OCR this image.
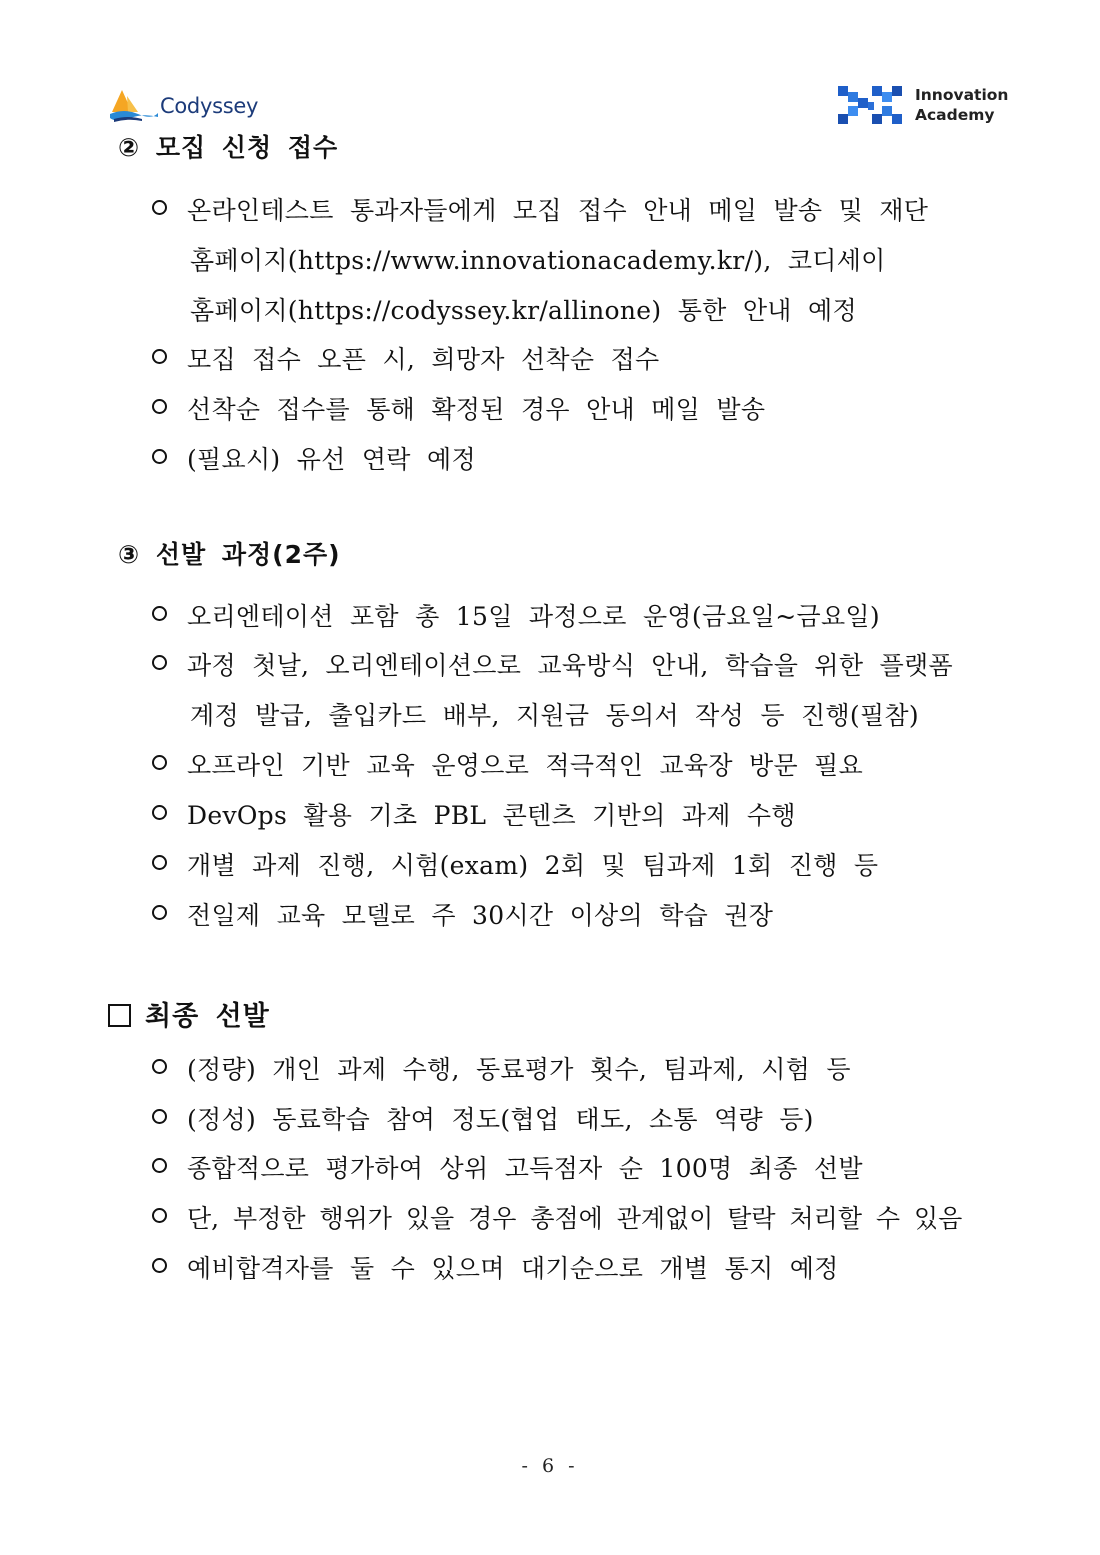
Codyssey	Innovation
Academy
② 모집 신청 접수
온라인테스트 통과자들에게 모집 접수 안내 메일 발송 및 재단
홈페이지(https://www.innovationacademy.kr/), 코디세이
홈페이지(https://codyssey.kr/allinone) 통한 안내 예정
모집 접수 오픈 시, 희망자 선착순 접수
선착순 접수를 통해 확정된 경우 안내 메일 발송
(필요시) 유선 연락 예정
③ 선발 과정(2주)
오리엔테이션 포함 총 15일 과정으로 운영(금요일~금요일)
과정 첫날, 오리엔테이션으로 교육방식 안내, 학습을 위한 플랫폼
계정 발급, 출입카드 배부, 지원금 동의서 작성 등 진행(필참)
오프라인 기반 교육 운영으로 적극적인 교육장 방문 필요
DevOps 활용 기초 PBL 콘텐츠 기반의 과제 수행
개별 과제 진행, 시험(exam) 2회 및 팀과제 1회 진행 등
전일제 교육 모델로 주 30시간 이상의 학습 권장
최종 선발
(정량) 개인 과제 수행, 동료평가 횟수, 팀과제, 시험 등
(정성) 동료학습 참여 정도(협업 태도, 소통 역량 등)
종합적으로 평가하여 상위 고득점자 순 100명 최종 선발
단, 부정한 행위가 있을 경우 총점에 관계없이 탈락 처리할 수 있음
예비합격자를 둘 수 있으며 대기순으로 개별 통지 예정
- 6 -
